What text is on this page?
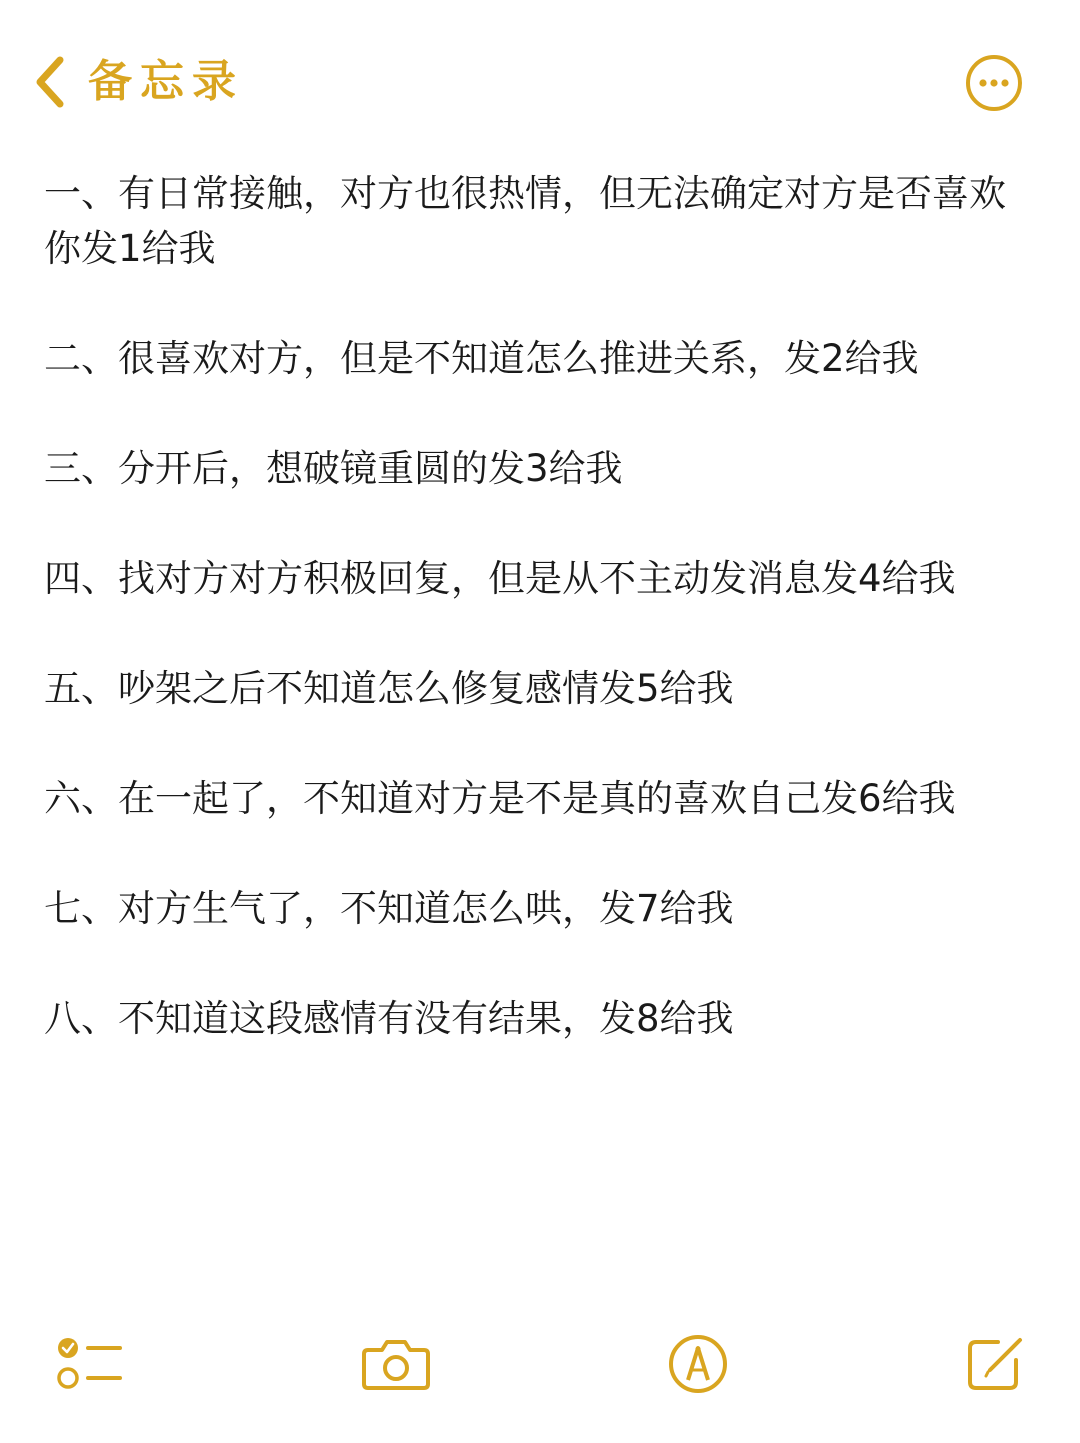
备忘录

一、有日常接触，对方也很热情，但无法确定对方是否喜欢你发1给我

二、很喜欢对方，但是不知道怎么推进关系，发2给我

三、分开后，想破镜重圆的发3给我

四、找对方对方积极回复，但是从不主动发消息发4给我

五、吵架之后不知道怎么修复感情发5给我

六、在一起了，不知道对方是不是真的喜欢自己发6给我

七、对方生气了，不知道怎么哄，发7给我

八、不知道这段感情有没有结果，发8给我
